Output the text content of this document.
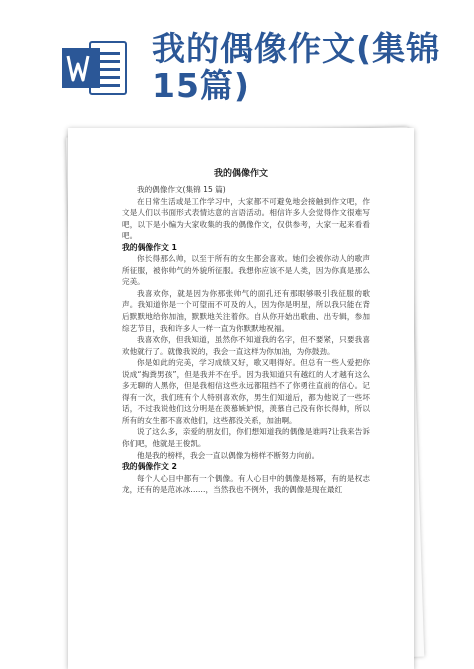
我的偶像作文(集锦15篇)
我的偶像作文

我的偶像作文(集锦 15 篇)

在日常生活或是工作学习中，大家都不可避免地会接触到作文吧，作文是人们以书面形式表情达意的言语活动。相信许多人会觉得作文很难写吧，以下是小编为大家收集的我的偶像作文，仅供参考，大家一起来看看吧。

我的偶像作文 1

你长得那么帅，以至于所有的女生都会喜欢。她们会被你动人的歌声所征服，被你帅气的外貌所征服。我想你应该不是人类，因为你真是那么完美。

我喜欢你，就是因为你那张帅气的面孔还有那眼够吸引我征服的歌声。我知道你是一个可望而不可及的人，因为你是明星，所以我只能在背后默默地给你加油，默默地关注着你。自从你开始出歌曲、出专辑，参加综艺节目，我和许多人一样一直为你默默地祝福。

我喜欢你，但我知道，虽然你不知道我的名字，但不要紧，只要我喜欢他就行了。就像我说的，我会一直这样为你加油，为你鼓劲。

你是如此的完美，学习成绩又好，歌又唱得好。但总有一些人爱把你说成“掏粪男孩”，但是我并不在乎。因为我知道只有越红的人才越有这么多无聊的人黑你，但是我相信这些永远都阻挡不了你勇往直前的信心。记得有一次，我们班有个人特别喜欢你，男生们知道后，都为他说了一些坏话，不过我说他们这分明是在羡慕嫉妒恨，羡慕自己没有你长得帅，所以所有的女生都不喜欢他们，这些都没关系，加油啊。

说了这么多，亲爱的朋友们，你们想知道我的偶像是谁吗?让我来告诉你们吧，他就是王俊凯。

他是我的榜样，我会一直以偶像为榜样不断努力向前。

我的偶像作文 2

每个人心目中都有一个偶像。有人心目中的偶像是杨幂，有的是权志龙，还有的是范冰冰……，当然我也不例外，我的偶像是现在最红
